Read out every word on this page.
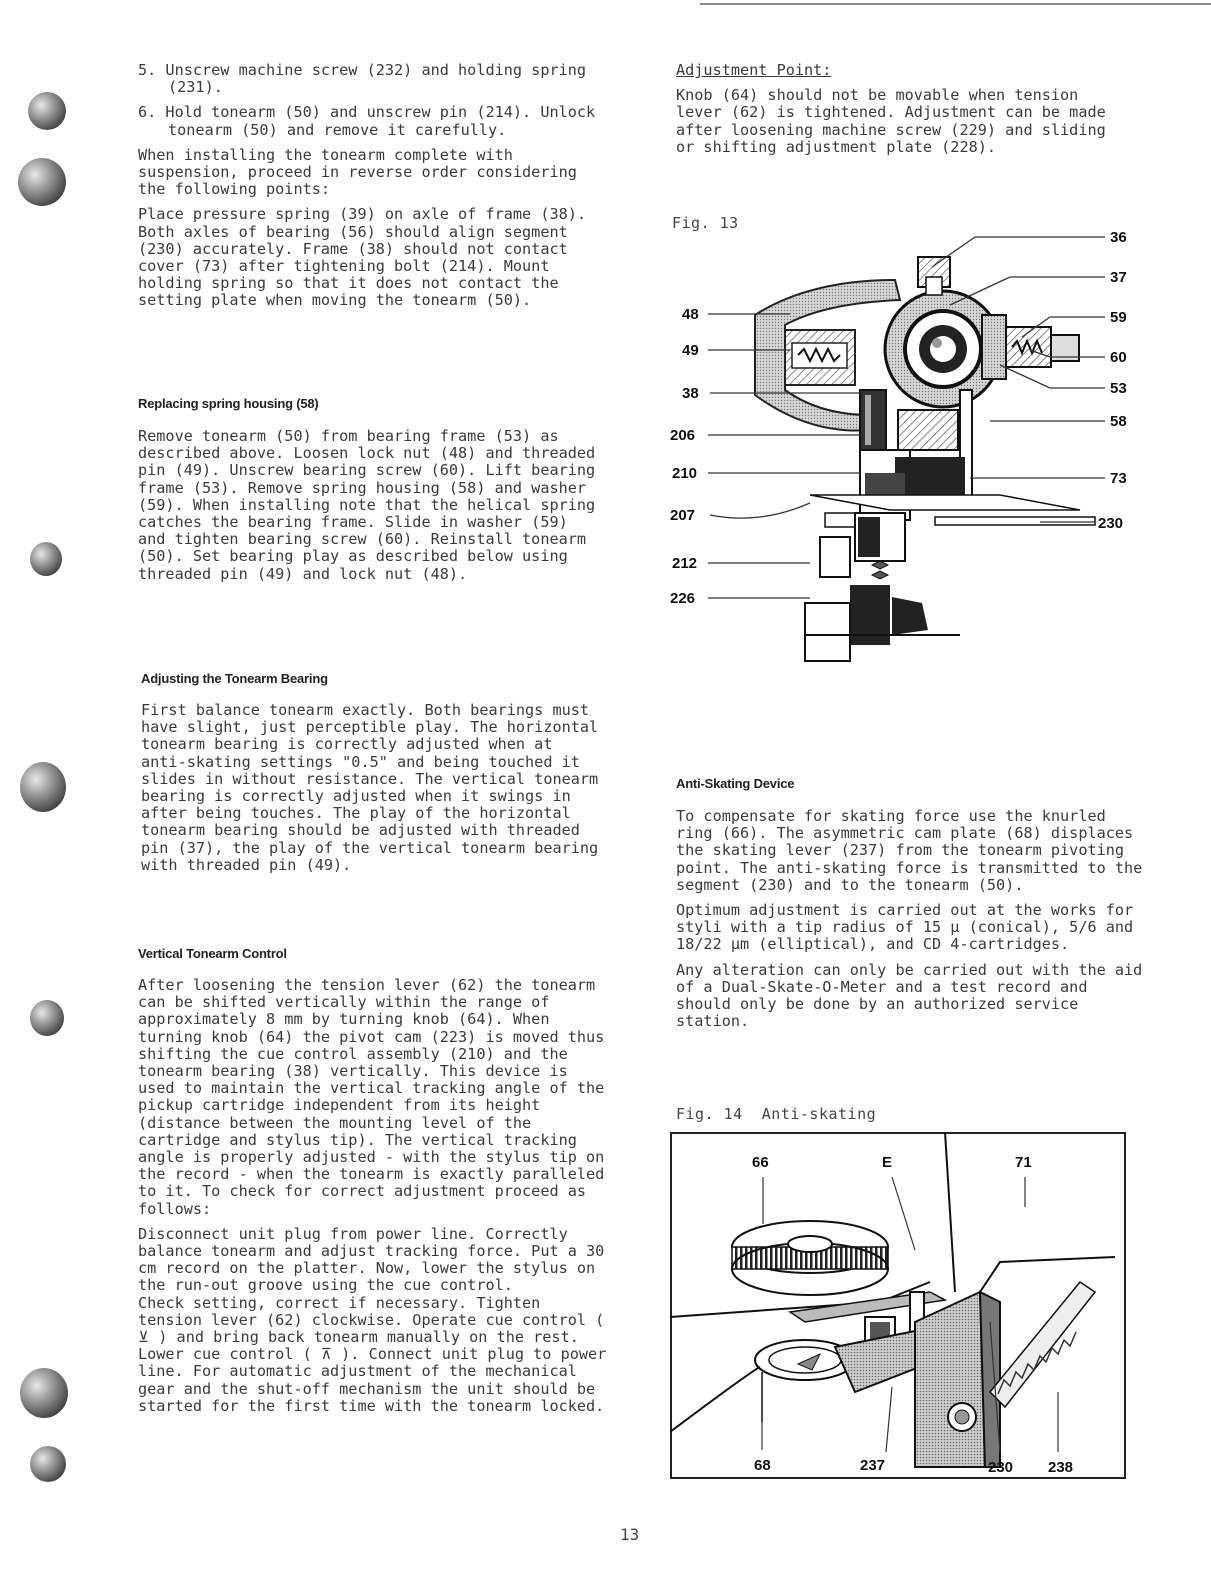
5. Unscrew machine screw (232) and holding spring (231).

6. Hold tonearm (50) and unscrew pin (214). Unlock tonearm (50) and remove it carefully.

When installing the tonearm complete with suspension, proceed in reverse order considering the following points:

Place pressure spring (39) on axle of frame (38). Both axles of bearing (56) should align segment (230) accurately. Frame (38) should not contact cover (73) after tightening bolt (214). Mount holding spring so that it does not contact the setting plate when moving the tonearm (50).

Replacing spring housing (58)

Remove tonearm (50) from bearing frame (53) as described above. Loosen lock nut (48) and threaded pin (49). Unscrew bearing screw (60). Lift bearing frame (53). Remove spring housing (58) and washer (59). When installing note that the helical spring catches the bearing frame. Slide in washer (59) and tighten bearing screw (60). Reinstall tonearm (50). Set bearing play as described below using threaded pin (49) and lock nut (48).

Adjusting the Tonearm Bearing

First balance tonearm exactly. Both bearings must have slight, just perceptible play. The horizontal tonearm bearing is correctly adjusted when at anti-skating settings "0.5" and being touched it slides in without resistance. The vertical tonearm bearing is correctly adjusted when it swings in after being touches. The play of the horizontal tonearm bearing should be adjusted with threaded pin (37), the play of the vertical tonearm bearing with threaded pin (49).

Vertical Tonearm Control

After loosening the tension lever (62) the tonearm can be shifted vertically within the range of approximately 8 mm by turning knob (64). When turning knob (64) the pivot cam (223) is moved thus shifting the cue control assembly (210) and the tonearm bearing (38) vertically. This device is used to maintain the vertical tracking angle of the pickup cartridge independent from its height (distance between the mounting level of the cartridge and stylus tip). The vertical tracking angle is properly adjusted - with the stylus tip on the record - when the tonearm is exactly paralleled to it. To check for correct adjustment proceed as follows:

Disconnect unit plug from power line. Correctly balance tonearm and adjust tracking force. Put a 30 cm record on the platter. Now, lower the stylus on the run-out groove using the cue control.
Check setting, correct if necessary. Tighten tension lever (62) clockwise. Operate cue control ( ⊻ ) and bring back tonearm manually on the rest. Lower cue control ( ⊼ ). Connect unit plug to power line. For automatic adjustment of the mechanical gear and the shut-off mechanism the unit should be started for the first time with the tonearm locked.

Adjustment Point:

Knob (64) should not be movable when tension lever (62) is tightened. Adjustment can be made after loosening machine screw (229) and sliding or shifting adjustment plate (228).

Fig. 13
36
37
59
60
53
58
73
230
48
49
38
206
210
207
212
226
Anti-Skating Device

To compensate for skating force use the knurled ring (66). The asymmetric cam plate (68) displaces the skating lever (237) from the tonearm pivoting point. The anti-skating force is transmitted to the segment (230) and to the tonearm (50).

Optimum adjustment is carried out at the works for styli with a tip radius of 15 µ (conical), 5/6 and 18/22 µm (elliptical), and CD 4-cartridges.

Any alteration can only be carried out with the aid of a Dual-Skate-O-Meter and a test record and should only be done by an authorized service station.

Fig. 14  Anti-skating
66	E	71
68	237	230 238
13
